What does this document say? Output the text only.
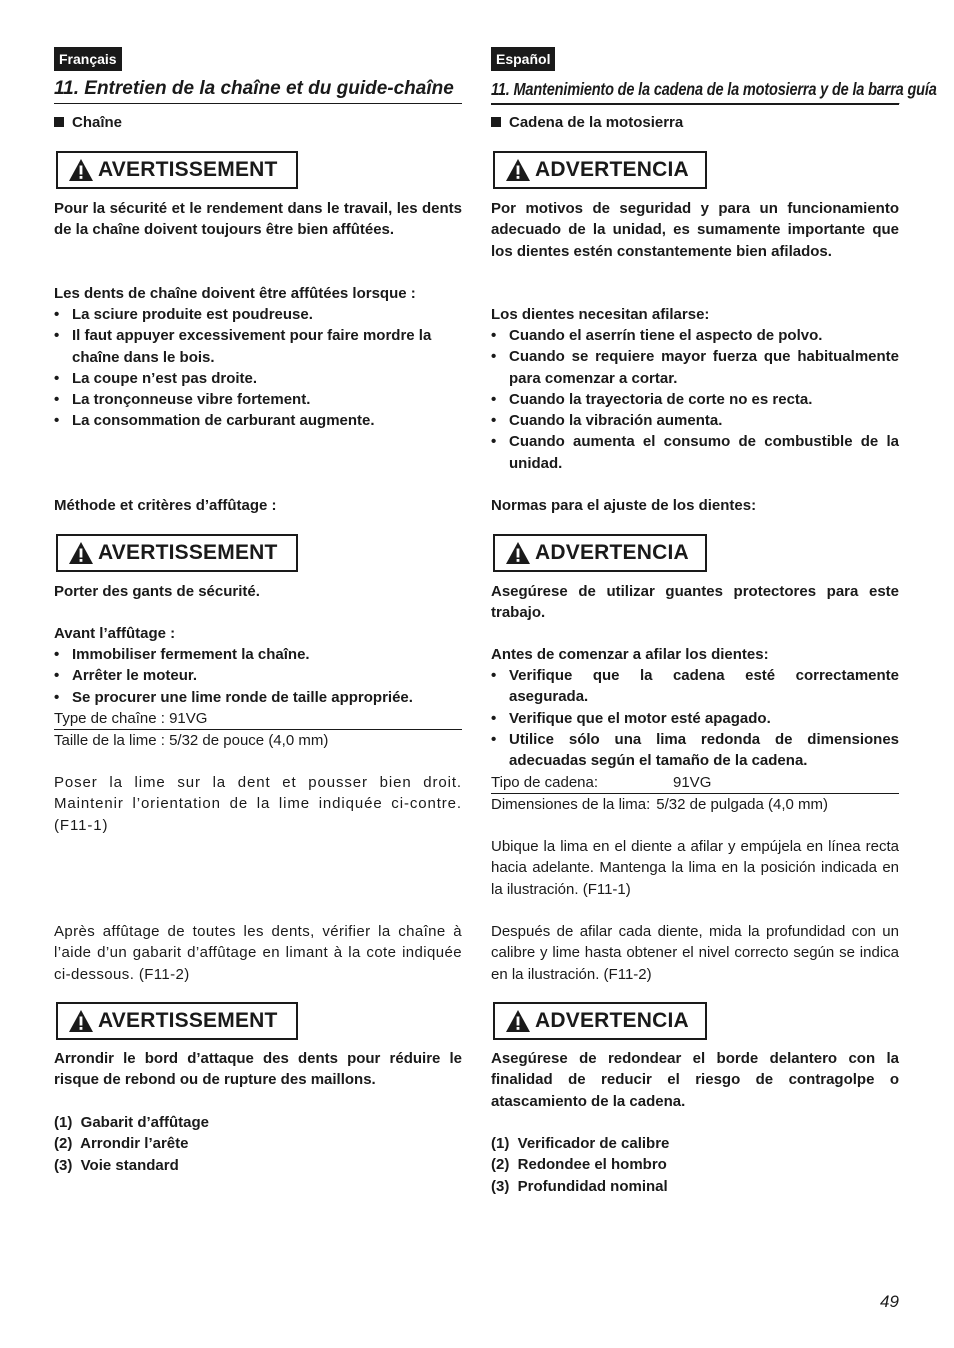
Français
11. Entretien de la chaîne et du guide-chaîne
Chaîne
AVERTISSEMENT
Pour la sécurité et le rendement dans le travail, les dents de la chaîne doivent toujours être bien affûtées.
Les dents de chaîne doivent être affûtées lorsque :
• La sciure produite est poudreuse.
• Il faut appuyer excessivement pour faire mordre la chaîne dans le bois.
• La coupe n’est pas droite.
• La tronçonneuse vibre fortement.
• La consommation de carburant augmente.
Méthode et critères d’affûtage :
AVERTISSEMENT
Porter des gants de sécurité.
Avant l’affûtage :
• Immobiliser fermement la chaîne.
• Arrêter le moteur.
• Se procurer une lime ronde de taille appropriée.
Type de chaîne : 91VG
Taille de la lime : 5/32 de pouce (4,0 mm)
Poser la lime sur la dent et pousser bien droit. Maintenir l’orientation de la lime indiquée ci-contre. (F11-1)
Après affûtage de toutes les dents, vérifier la chaîne à l’aide d’un gabarit d’affûtage en limant à la cote indiquée ci-dessous. (F11-2)
AVERTISSEMENT
Arrondir le bord d’attaque des dents pour réduire le risque de rebond ou de rupture des maillons.
(1)  Gabarit d’affûtage
(2)  Arrondir l’arête
(3)  Voie standard
Español
11. Mantenimiento de la cadena de la motosierra y de la barra guía
Cadena de la motosierra
ADVERTENCIA
Por motivos de seguridad y para un funcionamiento adecuado de la unidad, es sumamente importante que los dientes estén constantemente bien afilados.
Los dientes necesitan afilarse:
• Cuando el aserrín tiene el aspecto de polvo.
• Cuando se requiere mayor fuerza que habitualmente para comenzar a cortar.
• Cuando la trayectoria de corte no es recta.
• Cuando la vibración aumenta.
• Cuando aumenta el consumo de combustible de la unidad.
Normas para el ajuste de los dientes:
ADVERTENCIA
Asegúrese de utilizar guantes protectores para este trabajo.
Antes de comenzar a afilar los dientes:
• Verifique que la cadena esté correctamente asegurada.
• Verifique que el motor esté apagado.
• Utilice sólo una lima redonda de dimensiones adecuadas según el tamaño de la cadena.
Tipo de cadena:	91VG
Dimensiones de la lima: 5/32 de pulgada (4,0 mm)
Ubique la lima en el diente a afilar y empújela en línea recta hacia adelante. Mantenga la lima en la posición indicada en la ilustración. (F11-1)
Después de afilar cada diente, mida la profundidad con un calibre y lime hasta obtener el nivel correcto según se indica en la ilustración. (F11-2)
ADVERTENCIA
Asegúrese de redondear el borde delantero con la finalidad de reducir el riesgo de contragolpe o atascamiento de la cadena.
(1)  Verificador de calibre
(2)  Redondee el hombro
(3)  Profundidad nominal
49
